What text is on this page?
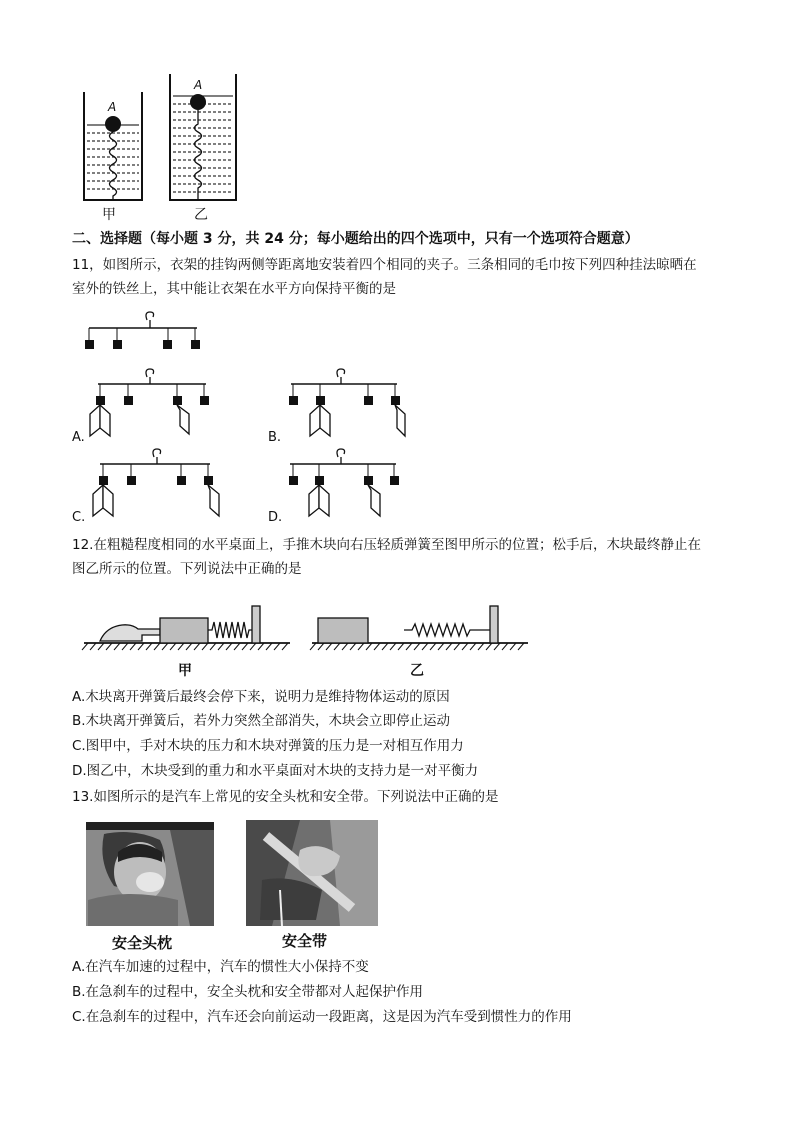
A
A
甲	乙
二、选择题（每小题 3 分，共 24 分；每小题给出的四个选项中，只有一个选项符合题意）
11，如图所示，衣架的挂钩两侧等距离地安装着四个相同的夹子。三条相同的毛巾按下列四种挂法晾晒在
室外的铁丝上，其中能让衣架在水平方向保持平衡的是
A.	B.
C.	D.
12.在粗糙程度相同的水平桌面上，手推木块向右压轻质弹簧至图甲所示的位置；松手后，木块最终静止在
图乙所示的位置。下列说法中正确的是
甲	乙
A.木块离开弹簧后最终会停下来，说明力是维持物体运动的原因
B.木块离开弹簧后，若外力突然全部消失，木块会立即停止运动
C.图甲中，手对木块的压力和木块对弹簧的压力是一对相互作用力
D.图乙中，木块受到的重力和水平桌面对木块的支持力是一对平衡力
13.如图所示的是汽车上常见的安全头枕和安全带。下列说法中正确的是
安全头枕	安全带
A.在汽车加速的过程中，汽车的惯性大小保持不变
B.在急刹车的过程中，安全头枕和安全带都对人起保护作用
C.在急刹车的过程中，汽车还会向前运动一段距离，这是因为汽车受到惯性力的作用
